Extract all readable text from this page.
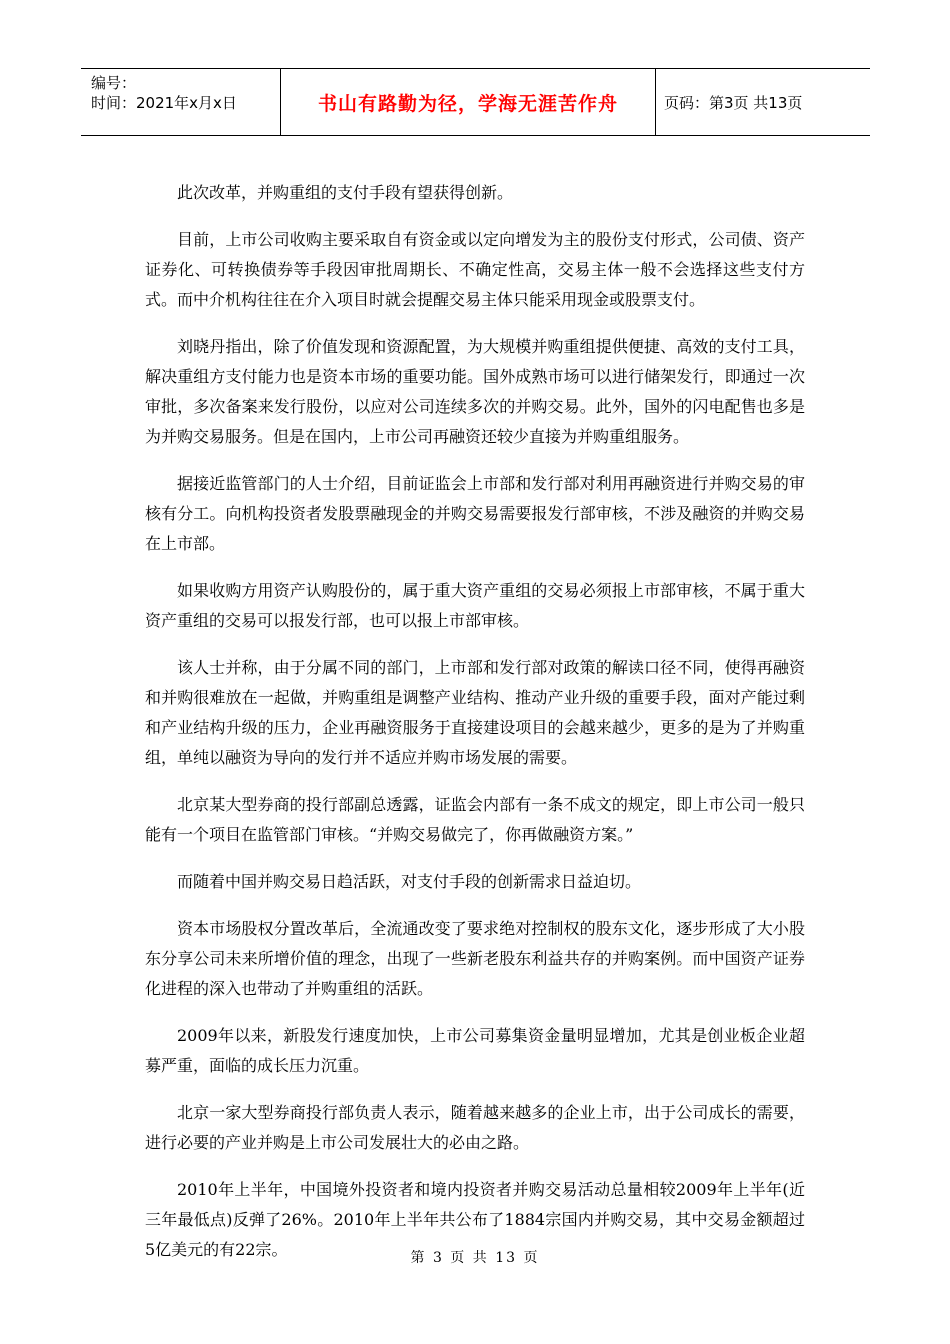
编号：
时间：2021年x月x日	书山有路勤为径，学海无涯苦作舟	页码：第3页 共13页

此次改革，并购重组的支付手段有望获得创新。

目前，上市公司收购主要采取自有资金或以定向增发为主的股份支付形式，公司债、资产证券化、可转换债券等手段因审批周期长、不确定性高，交易主体一般不会选择这些支付方式。而中介机构往往在介入项目时就会提醒交易主体只能采用现金或股票支付。

刘晓丹指出，除了价值发现和资源配置，为大规模并购重组提供便捷、高效的支付工具，解决重组方支付能力也是资本市场的重要功能。国外成熟市场可以进行储架发行，即通过一次审批，多次备案来发行股份，以应对公司连续多次的并购交易。此外，国外的闪电配售也多是为并购交易服务。但是在国内，上市公司再融资还较少直接为并购重组服务。

据接近监管部门的人士介绍，目前证监会上市部和发行部对利用再融资进行并购交易的审核有分工。向机构投资者发股票融现金的并购交易需要报发行部审核，不涉及融资的并购交易在上市部。

如果收购方用资产认购股份的，属于重大资产重组的交易必须报上市部审核，不属于重大资产重组的交易可以报发行部，也可以报上市部审核。

该人士并称，由于分属不同的部门，上市部和发行部对政策的解读口径不同，使得再融资和并购很难放在一起做，并购重组是调整产业结构、推动产业升级的重要手段，面对产能过剩和产业结构升级的压力，企业再融资服务于直接建设项目的会越来越少，更多的是为了并购重组，单纯以融资为导向的发行并不适应并购市场发展的需要。

北京某大型券商的投行部副总透露，证监会内部有一条不成文的规定，即上市公司一般只能有一个项目在监管部门审核。“并购交易做完了，你再做融资方案。”

而随着中国并购交易日趋活跃，对支付手段的创新需求日益迫切。

资本市场股权分置改革后，全流通改变了要求绝对控制权的股东文化，逐步形成了大小股东分享公司未来所增价值的理念，出现了一些新老股东利益共存的并购案例。而中国资产证券化进程的深入也带动了并购重组的活跃。

2009年以来，新股发行速度加快，上市公司募集资金量明显增加，尤其是创业板企业超募严重，面临的成长压力沉重。

北京一家大型券商投行部负责人表示，随着越来越多的企业上市，出于公司成长的需要，进行必要的产业并购是上市公司发展壮大的必由之路。

2010年上半年，中国境外投资者和境内投资者并购交易活动总量相较2009年上半年(近三年最低点)反弹了26%。2010年上半年共公布了1884宗国内并购交易，其中交易金额超过5亿美元的有22宗。	第 3 页 共 13 页
